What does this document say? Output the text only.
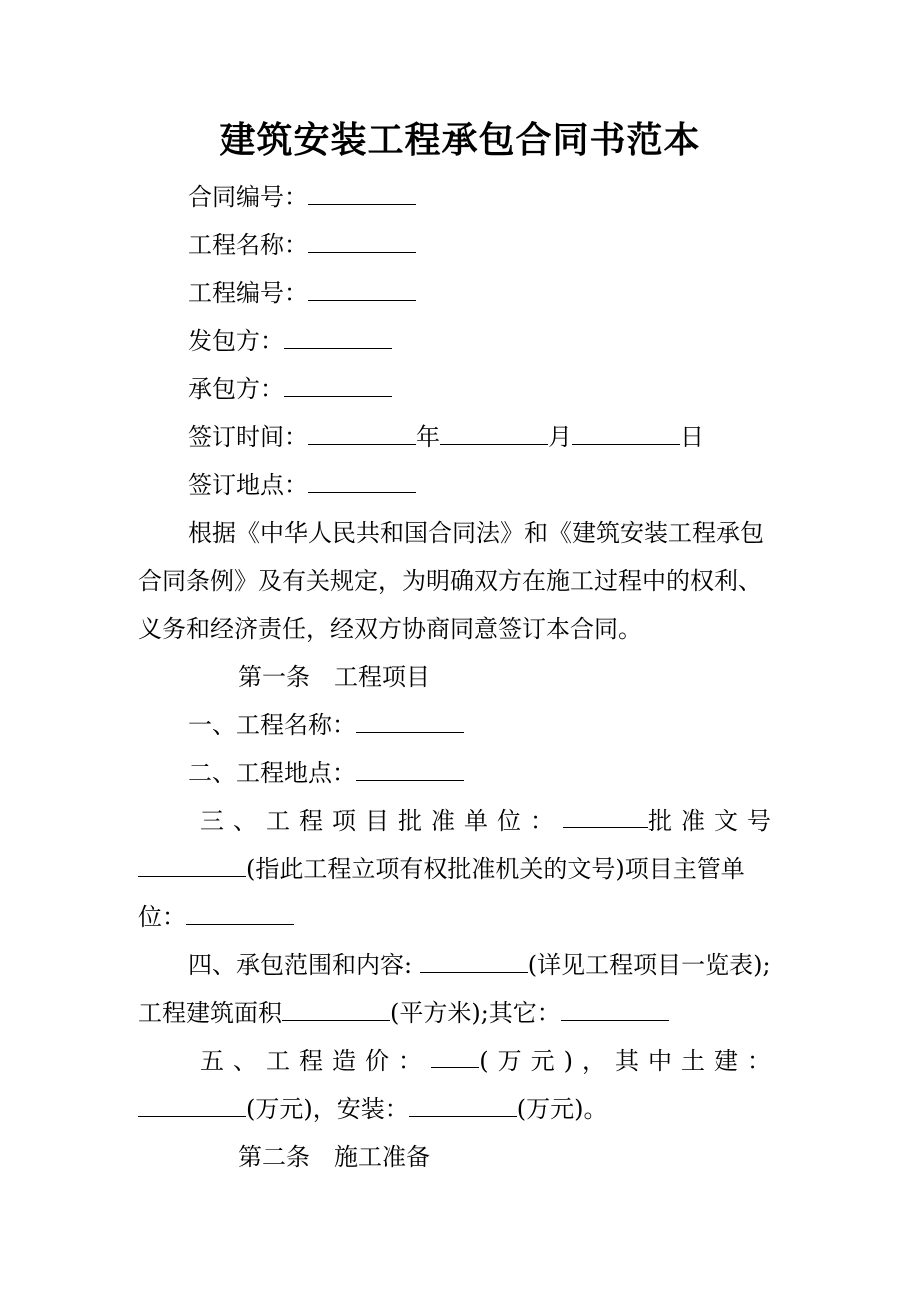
建筑安装工程承包合同书范本
合同编号：
工程名称：
工程编号：
发包方：
承包方：
签订时间：	年	月	日
签订地点：
根据《中华人民共和国合同法》和《建筑安装工程承包
合同条例》及有关规定，为明确双方在施工过程中的权利、
义务和经济责任，经双方协商同意签订本合同。
第一条　工程项目
一、工程名称：
二、工程地点：
三、工程项目批准单位：	批准文号
(指此工程立项有权批准机关的文号)项目主管单
位：
四、承包范围和内容:	(详见工程项目一览表);
工程建筑面积	(平方米);其它：
五、工程造价： (万元)，其中土建：
(万元)，安装：	(万元)。
第二条　施工准备
